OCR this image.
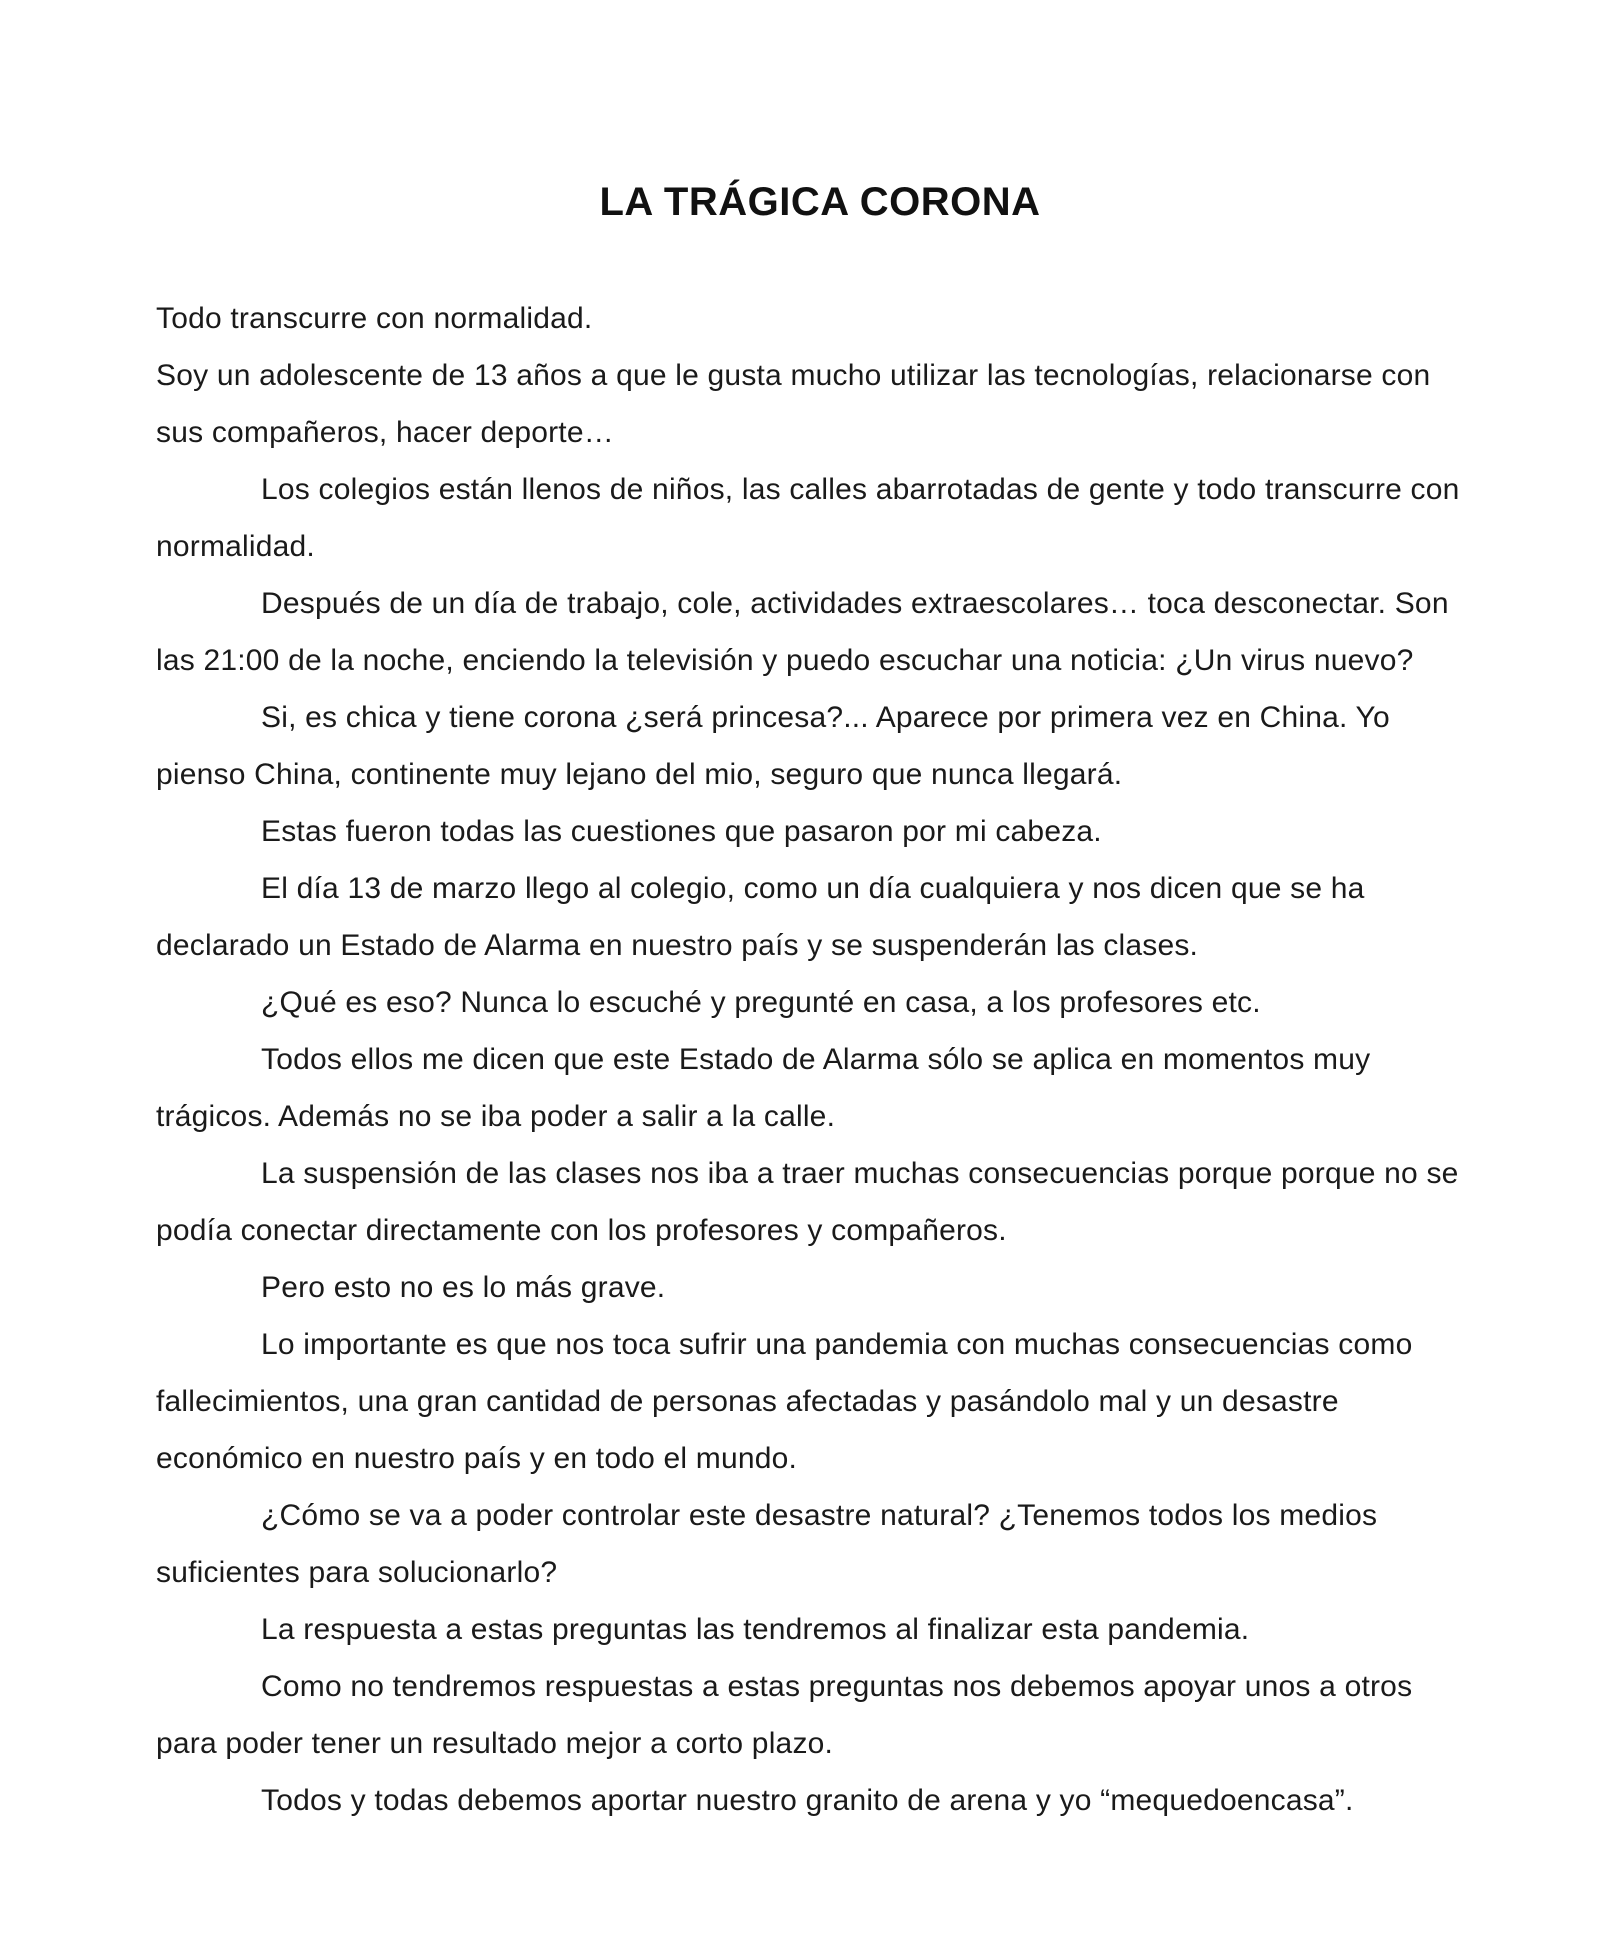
LA TRÁGICA CORONA

Todo transcurre con normalidad.

Soy un adolescente de 13 años a que le gusta mucho utilizar las tecnologías, relacionarse con sus compañeros, hacer deporte…

Los colegios están llenos de niños, las calles abarrotadas de gente y todo transcurre con normalidad.

Después de un día de trabajo, cole, actividades extraescolares… toca desconectar. Son las 21:00 de la noche, enciendo la televisión y puedo escuchar una noticia: ¿Un virus nuevo?

Si, es chica y tiene corona ¿será princesa?... Aparece por primera vez en China. Yo pienso China, continente muy lejano del mio, seguro que nunca llegará.

Estas fueron todas las cuestiones que pasaron por mi cabeza.

El día 13 de marzo llego al colegio, como un día cualquiera y nos dicen que se ha declarado un Estado de Alarma en nuestro país y se suspenderán las clases.

¿Qué es eso? Nunca lo escuché y pregunté en casa, a los profesores etc.

Todos ellos me dicen que este Estado de Alarma sólo se aplica en momentos muy trágicos. Además no se iba poder a salir a la calle.

La suspensión de las clases nos iba a traer muchas consecuencias porque porque no se podía conectar directamente con los profesores y compañeros.

Pero esto no es lo más grave.

Lo importante es que nos toca sufrir una pandemia con muchas consecuencias como fallecimientos, una gran cantidad de personas afectadas y pasándolo mal y un desastre económico en nuestro país y en todo el mundo.

¿Cómo se va a poder controlar este desastre natural? ¿Tenemos todos los medios suficientes para solucionarlo?

La respuesta a estas preguntas las tendremos al finalizar esta pandemia.

Como no tendremos respuestas a estas preguntas nos debemos apoyar unos a otros para poder tener un resultado mejor a corto plazo.

Todos y todas debemos aportar nuestro granito de arena y yo “mequedoencasa”.
